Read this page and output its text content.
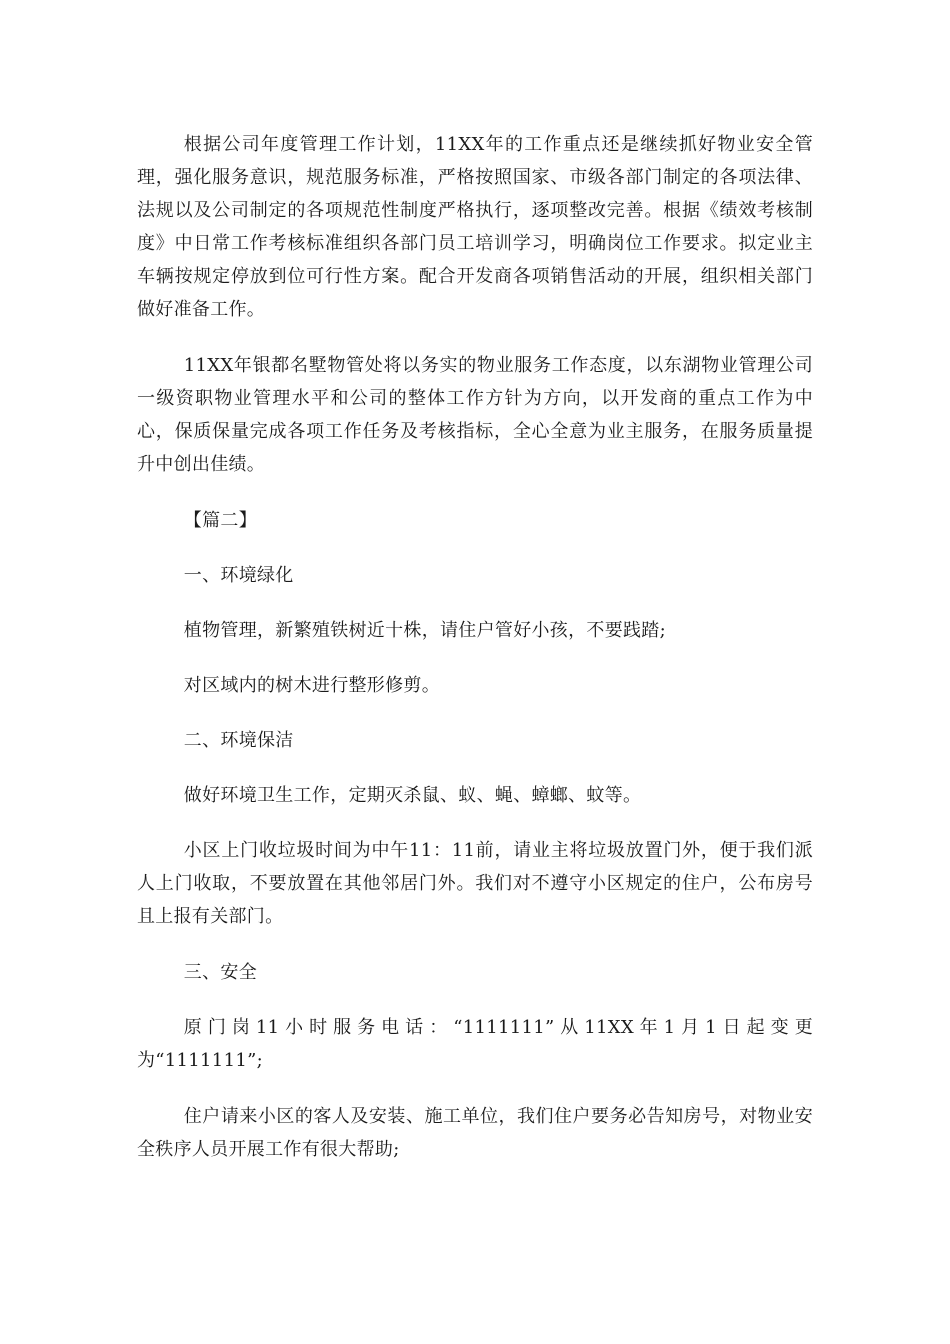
根据公司年度管理工作计划，11XX年的工作重点还是继续抓好物业安全管理，强化服务意识，规范服务标准，严格按照国家、市级各部门制定的各项法律、法规以及公司制定的各项规范性制度严格执行，逐项整改完善。根据《绩效考核制度》中日常工作考核标准组织各部门员工培训学习，明确岗位工作要求。拟定业主车辆按规定停放到位可行性方案。配合开发商各项销售活动的开展，组织相关部门做好准备工作。

11XX年银都名墅物管处将以务实的物业服务工作态度，以东湖物业管理公司一级资职物业管理水平和公司的整体工作方针为方向，以开发商的重点工作为中心，保质保量完成各项工作任务及考核指标，全心全意为业主服务，在服务质量提升中创出佳绩。

【篇二】

一、环境绿化

植物管理，新繁殖铁树近十株，请住户管好小孩，不要践踏;

对区域内的树木进行整形修剪。

二、环境保洁

做好环境卫生工作，定期灭杀鼠、蚁、蝇、蟑螂、蚊等。

小区上门收垃圾时间为中午11：11前，请业主将垃圾放置门外，便于我们派人上门收取，不要放置在其他邻居门外。我们对不遵守小区规定的住户，公布房号且上报有关部门。

三、安全

原门岗11小时服务电话：“1111111”从11XX年1月1日起变更为“1111111”;

住户请来小区的客人及安装、施工单位，我们住户要务必告知房号，对物业安全秩序人员开展工作有很大帮助;
